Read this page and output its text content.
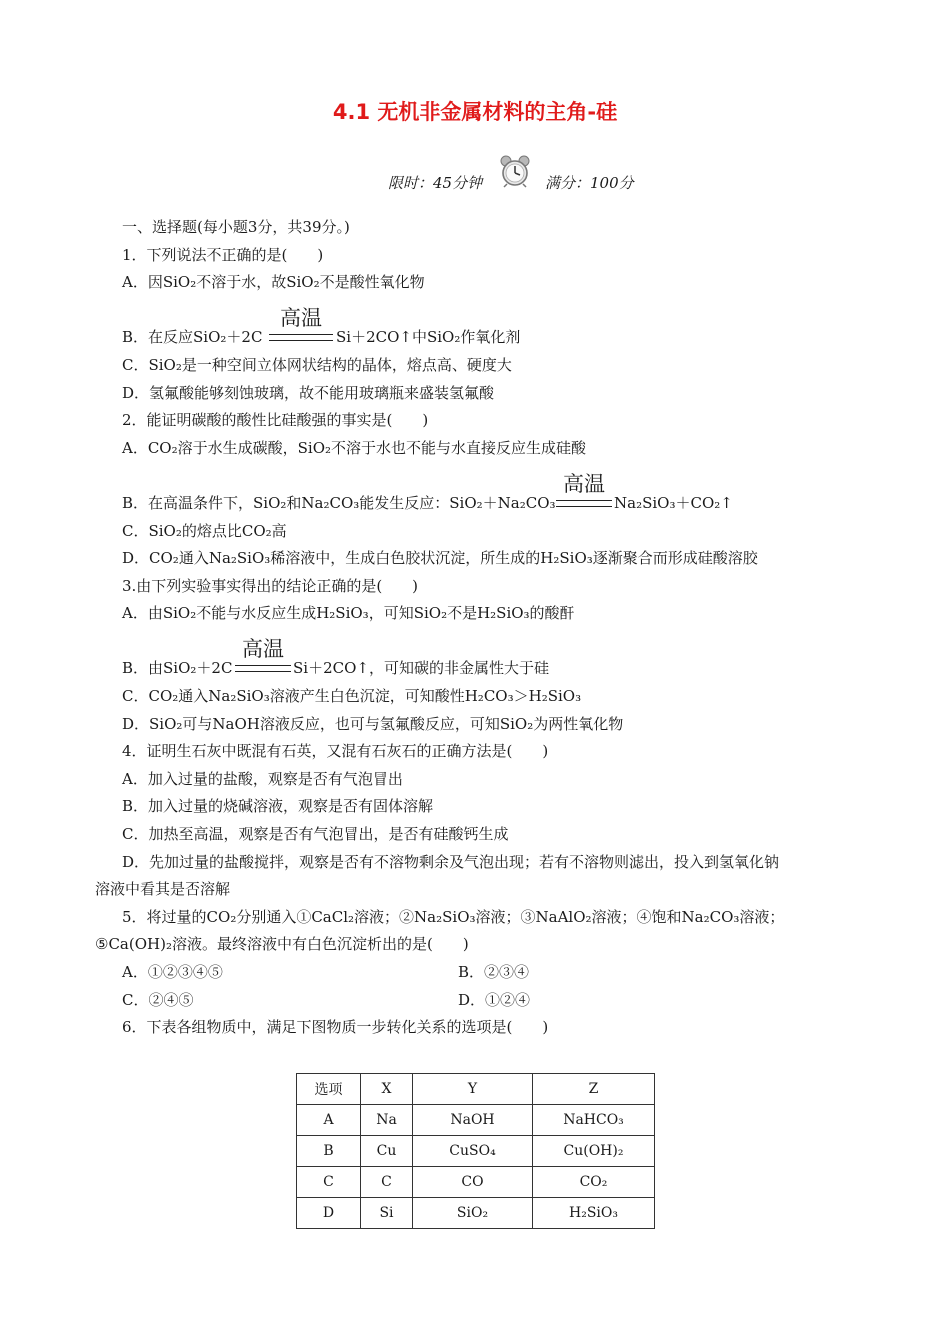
4.1 无机非金属材料的主角-硅
限时：45分钟	满分：100分
一、选择题(每小题3分，共39分。)
1．下列说法不正确的是(　　)
A．因SiO₂不溶于水，故SiO₂不是酸性氧化物
B．在反应SiO₂＋2C
高温
Si＋2CO↑中SiO₂作氧化剂
C．SiO₂是一种空间立体网状结构的晶体，熔点高、硬度大
D．氢氟酸能够刻蚀玻璃，故不能用玻璃瓶来盛装氢氟酸
2．能证明碳酸的酸性比硅酸强的事实是(　　)
A．CO₂溶于水生成碳酸，SiO₂不溶于水也不能与水直接反应生成硅酸
B．在高温条件下，SiO₂和Na₂CO₃能发生反应：SiO₂＋Na₂CO₃
高温
Na₂SiO₃＋CO₂↑
C．SiO₂的熔点比CO₂高
D．CO₂通入Na₂SiO₃稀溶液中，生成白色胶状沉淀，所生成的H₂SiO₃逐渐聚合而形成硅酸溶胶
3.由下列实验事实得出的结论正确的是(　　)
A．由SiO₂不能与水反应生成H₂SiO₃，可知SiO₂不是H₂SiO₃的酸酐
B．由SiO₂＋2C
高温
Si＋2CO↑，可知碳的非金属性大于硅
C．CO₂通入Na₂SiO₃溶液产生白色沉淀，可知酸性H₂CO₃＞H₂SiO₃
D．SiO₂可与NaOH溶液反应，也可与氢氟酸反应，可知SiO₂为两性氧化物
4．证明生石灰中既混有石英，又混有石灰石的正确方法是(　　)
A．加入过量的盐酸，观察是否有气泡冒出
B．加入过量的烧碱溶液，观察是否有固体溶解
C．加热至高温，观察是否有气泡冒出，是否有硅酸钙生成
D．先加过量的盐酸搅拌，观察是否有不溶物剩余及气泡出现；若有不溶物则滤出，投入到氢氧化钠
溶液中看其是否溶解
5．将过量的CO₂分别通入①CaCl₂溶液；②Na₂SiO₃溶液；③NaAlO₂溶液；④饱和Na₂CO₃溶液；
⑤Ca(OH)₂溶液。最终溶液中有白色沉淀析出的是(　　)
A．①②③④⑤	B．②③④
C．②④⑤	D．①②④
6．下表各组物质中，满足下图物质一步转化关系的选项是(　　)
选项	X	Y	Z
A	Na	NaOH	NaHCO₃
B	Cu	CuSO₄	Cu(OH)₂
C	C	CO	CO₂
D	Si	SiO₂	H₂SiO₃
